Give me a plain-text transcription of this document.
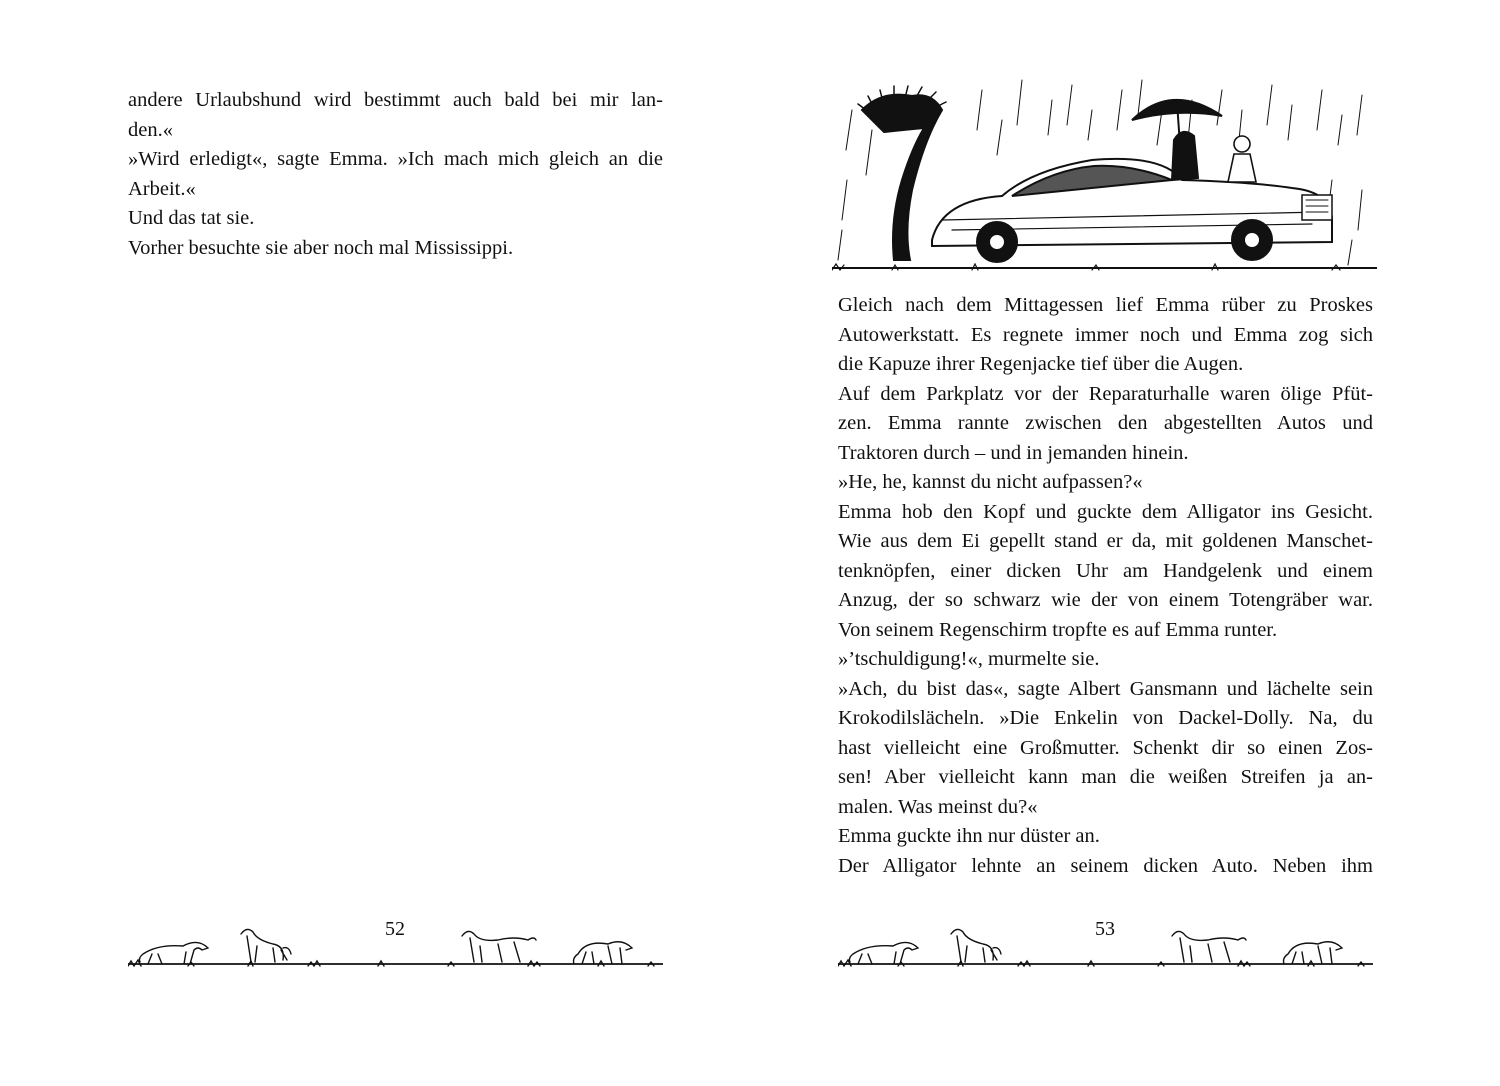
andere Urlaubshund wird bestimmt auch bald bei mir lan-
den.«
»Wird erledigt«, sagte Emma. »Ich mach mich gleich an die
Arbeit.«
Und das tat sie.
Vorher besuchte sie aber noch mal Mississippi.
52
Gleich nach dem Mittagessen lief Emma rüber zu Proskes
Autowerkstatt. Es regnete immer noch und Emma zog sich
die Kapuze ihrer Regenjacke tief über die Augen.
Auf dem Parkplatz vor der Reparaturhalle waren ölige Pfüt-
zen. Emma rannte zwischen den abgestellten Autos und
Traktoren durch – und in jemanden hinein.
»He, he, kannst du nicht aufpassen?«
Emma hob den Kopf und guckte dem Alligator ins Gesicht.
Wie aus dem Ei gepellt stand er da, mit goldenen Manschet-
tenknöpfen, einer dicken Uhr am Handgelenk und einem
Anzug, der so schwarz wie der von einem Totengräber war.
Von seinem Regenschirm tropfte es auf Emma runter.
»’tschuldigung!«, murmelte sie.
»Ach, du bist das«, sagte Albert Gansmann und lächelte sein
Krokodilslächeln. »Die Enkelin von Dackel-Dolly. Na, du
hast vielleicht eine Großmutter. Schenkt dir so einen Zos-
sen! Aber vielleicht kann man die weißen Streifen ja an-
malen. Was meinst du?«
Emma guckte ihn nur düster an.
Der Alligator lehnte an seinem dicken Auto. Neben ihm
53
